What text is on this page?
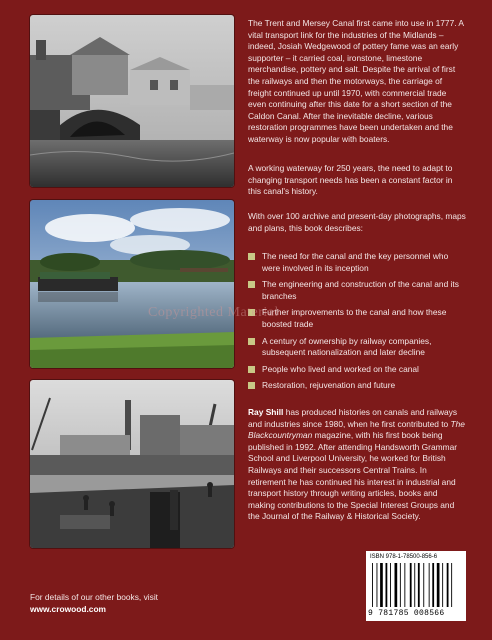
The Trent and Mersey Canal first came into use in 1777. A vital transport link for the industries of the Midlands – indeed, Josiah Wedgewood of pottery fame was an early supporter – it carried coal, ironstone, limestone merchandise, pottery and salt. Despite the arrival of first the railways and then the motorways, the carriage of freight continued up until 1970, with commercial trade even continuing after this date for a short section of the Caldon Canal. After the inevitable decline, various restoration programmes have been undertaken and the waterway is now popular with boaters.

A working waterway for 250 years, the need to adapt to changing transport needs has been a constant factor in this canal's history.

With over 100 archive and present-day photographs, maps and plans, this book describes:

The need for the canal and the key personnel who were involved in its inception
The engineering and construction of the canal and its branches
Further improvements to the canal and how these boosted trade
A century of ownership by railway companies, subsequent nationalization and later decline
People who lived and worked on the canal
Restoration, rejuvenation and future

Ray Shill has produced histories on canals and railways and industries since 1980, when he first contributed to The Blackcountryman magazine, with his first book being published in 1992. After attending Handsworth Grammar School and Liverpool University, he worked for British Railways and their successors Central Trains. In retirement he has continued his interest in industrial and transport history through writing articles, books and making contributions to the Special Interest Groups and the Journal of the Railway & Historical Society.

Copyrighted Material
ISBN 978-1-78500-856-6
9 781785 008566
For details of our other books, visit
www.crowood.com
